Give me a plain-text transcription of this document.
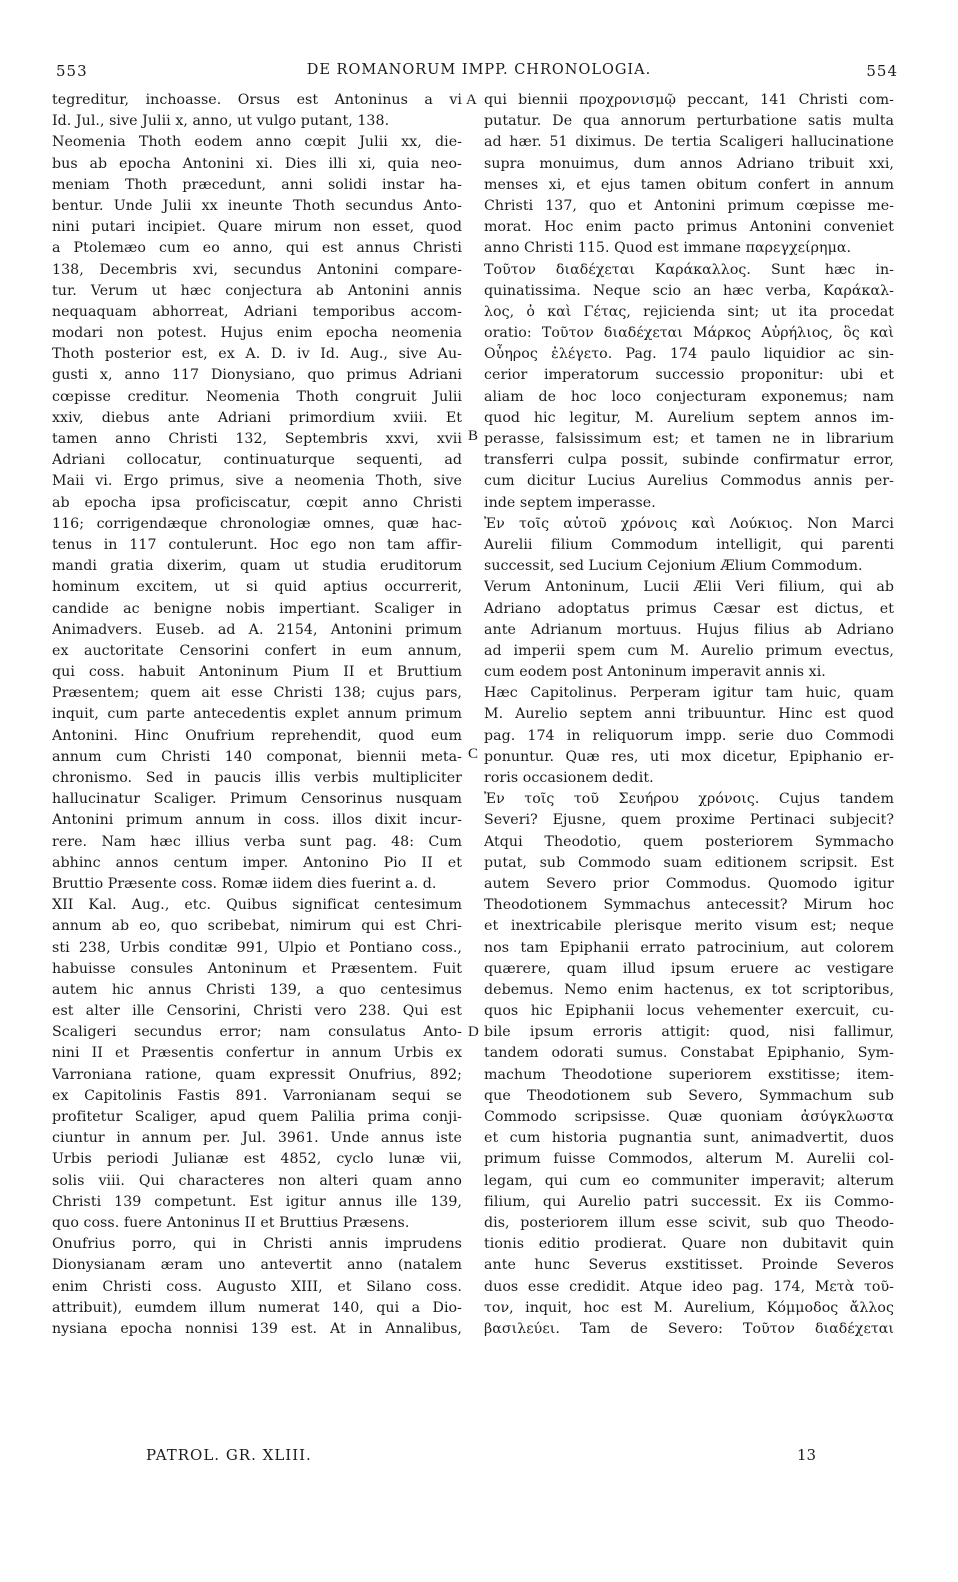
553	DE ROMANORUM IMPP. CHRONOLOGIA.	554
tegreditur, inchoasse. Orsus est Antoninus a vi
Id. Jul., sive Julii x, anno, ut vulgo putant, 138.
Neomenia Thoth eodem anno cœpit Julii xx, die-
bus ab epocha Antonini xi. Dies illi xi, quia neo-
meniam Thoth præcedunt, anni solidi instar ha-
bentur. Unde Julii xx ineunte Thoth secundus Anto-
nini putari incipiet. Quare mirum non esset, quod
a Ptolemæo cum eo anno, qui est annus Christi
138, Decembris xvi, secundus Antonini compare-
tur. Verum ut hæc conjectura ab Antonini annis
nequaquam abhorreat, Adriani temporibus accom-
modari non potest. Hujus enim epocha neomenia
Thoth posterior est, ex A. D. iv Id. Aug., sive Au-
gusti x, anno 117 Dionysiano, quo primus Adriani
cœpisse creditur. Neomenia Thoth congruit Julii
xxiv, diebus ante Adriani primordium xviii. Et
tamen anno Christi 132, Septembris xxvi, xvii
Adriani collocatur, continuaturque sequenti, ad
Maii vi. Ergo primus, sive a neomenia Thoth, sive
ab epocha ipsa proficiscatur, cœpit anno Christi
116; corrigendæque chronologiæ omnes, quæ hac-
tenus in 117 contulerunt. Hoc ego non tam affir-
mandi gratia dixerim, quam ut studia eruditorum
hominum excitem, ut si quid aptius occurrerit,
candide ac benigne nobis impertiant. Scaliger in
Animadvers. Euseb. ad A. 2154, Antonini primum
ex auctoritate Censorini confert in eum annum,
qui coss. habuit Antoninum Pium II et Bruttium
Præsentem; quem ait esse Christi 138; cujus pars,
inquit, cum parte antecedentis explet annum primum
Antonini. Hinc Onufrium reprehendit, quod eum
annum cum Christi 140 componat, biennii meta-
chronismo. Sed in paucis illis verbis multipliciter
hallucinatur Scaliger. Primum Censorinus nusquam
Antonini primum annum in coss. illos dixit incur-
rere. Nam hæc illius verba sunt pag. 48: Cum
abhinc annos centum imper. Antonino Pio II et
Bruttio Præsente coss. Romæ iidem dies fuerint a. d.
XII Kal. Aug., etc. Quibus significat centesimum
annum ab eo, quo scribebat, nimirum qui est Chri-
sti 238, Urbis conditæ 991, Ulpio et Pontiano coss.,
habuisse consules Antoninum et Præsentem. Fuit
autem hic annus Christi 139, a quo centesimus
est alter ille Censorini, Christi vero 238. Qui est
Scaligeri secundus error; nam consulatus Anto-
nini II et Præsentis confertur in annum Urbis ex
Varroniana ratione, quam expressit Onufrius, 892;
ex Capitolinis Fastis 891. Varronianam sequi se
profitetur Scaliger, apud quem Palilia prima conji-
ciuntur in annum per. Jul. 3961. Unde annus iste
Urbis periodi Julianæ est 4852, cyclo lunæ vii,
solis viii. Qui characteres non alteri quam anno
Christi 139 competunt. Est igitur annus ille 139,
quo coss. fuere Antoninus II et Bruttius Præsens.
Onufrius porro, qui in Christi annis imprudens
Dionysianam æram uno antevertit anno (natalem
enim Christi coss. Augusto XIII, et Silano coss.
attribuit), eumdem illum numerat 140, qui a Dio-
nysiana epocha nonnisi 139 est. At in Annalibus,
qui biennii προχρονισμῷ peccant, 141 Christi com-
putatur. De qua annorum perturbatione satis multa
ad hær. 51 diximus. De tertia Scaligeri hallucinatione
supra monuimus, dum annos Adriano tribuit xxi,
menses xi, et ejus tamen obitum confert in annum
Christi 137, quo et Antonini primum cœpisse me-
morat. Hoc enim pacto primus Antonini conveniet
anno Christi 115. Quod est immane παρεγχείρημα.
Τοῦτον διαδέχεται Καράκαλλος. Sunt hæc in-
quinatissima. Neque scio an hæc verba, Καράκαλ-
λος, ὁ καὶ Γέτας, rejicienda sint; ut ita procedat
oratio: Τοῦτον διαδέχεται Μάρκος Αὐρήλιος, ὃς καὶ
Οὖηρος ἐλέγετο. Pag. 174 paulo liquidior ac sin-
cerior imperatorum successio proponitur: ubi et
aliam de hoc loco conjecturam exponemus; nam
quod hic legitur, M. Aurelium septem annos im-
perasse, falsissimum est; et tamen ne in librarium
transferri culpa possit, subinde confirmatur error,
cum dicitur Lucius Aurelius Commodus annis per-
inde septem imperasse.
Ἐν τοῖς αὐτοῦ χρόνοις καὶ Λούκιος. Non Marci
Aurelii filium Commodum intelligit, qui parenti
successit, sed Lucium Cejonium Ælium Commodum.
Verum Antoninum, Lucii Ælii Veri filium, qui ab
Adriano adoptatus primus Cæsar est dictus, et
ante Adrianum mortuus. Hujus filius ab Adriano
ad imperii spem cum M. Aurelio primum evectus,
cum eodem post Antoninum imperavit annis xi.
Hæc Capitolinus. Perperam igitur tam huic, quam
M. Aurelio septem anni tribuuntur. Hinc est quod
pag. 174 in reliquorum impp. serie duo Commodi
ponuntur. Quæ res, uti mox dicetur, Epiphanio er-
roris occasionem dedit.
Ἐν τοῖς τοῦ Σευήρου χρόνοις. Cujus tandem
Severi? Ejusne, quem proxime Pertinaci subjecit?
Atqui Theodotio, quem posteriorem Symmacho
putat, sub Commodo suam editionem scripsit. Est
autem Severo prior Commodus. Quomodo igitur
Theodotionem Symmachus antecessit? Mirum hoc
et inextricabile plerisque merito visum est; neque
nos tam Epiphanii errato patrocinium, aut colorem
quærere, quam illud ipsum eruere ac vestigare
debemus. Nemo enim hactenus, ex tot scriptoribus,
quos hic Epiphanii locus vehementer exercuit, cu-
bile ipsum erroris attigit: quod, nisi fallimur,
tandem odorati sumus. Constabat Epiphanio, Sym-
machum Theodotione superiorem exstitisse; item-
que Theodotionem sub Severo, Symmachum sub
Commodo scripsisse. Quæ quoniam ἀσύγκλωστα
et cum historia pugnantia sunt, animadvertit, duos
primum fuisse Commodos, alterum M. Aurelii col-
legam, qui cum eo communiter imperavit; alterum
filium, qui Aurelio patri successit. Ex iis Commo-
dis, posteriorem illum esse scivit, sub quo Theodo-
tionis editio prodierat. Quare non dubitavit quin
ante hunc Severus exstitisset. Proinde Severos
duos esse credidit. Atque ideo pag. 174, Μετὰ τοῦ-
τον, inquit, hoc est M. Aurelium, Κόμμοδος ἄλλος
βασιλεύει. Tam de Severo: Τοῦτον διαδέχεται
A
B
C
D
PATROL. GR. XLIII.	13
